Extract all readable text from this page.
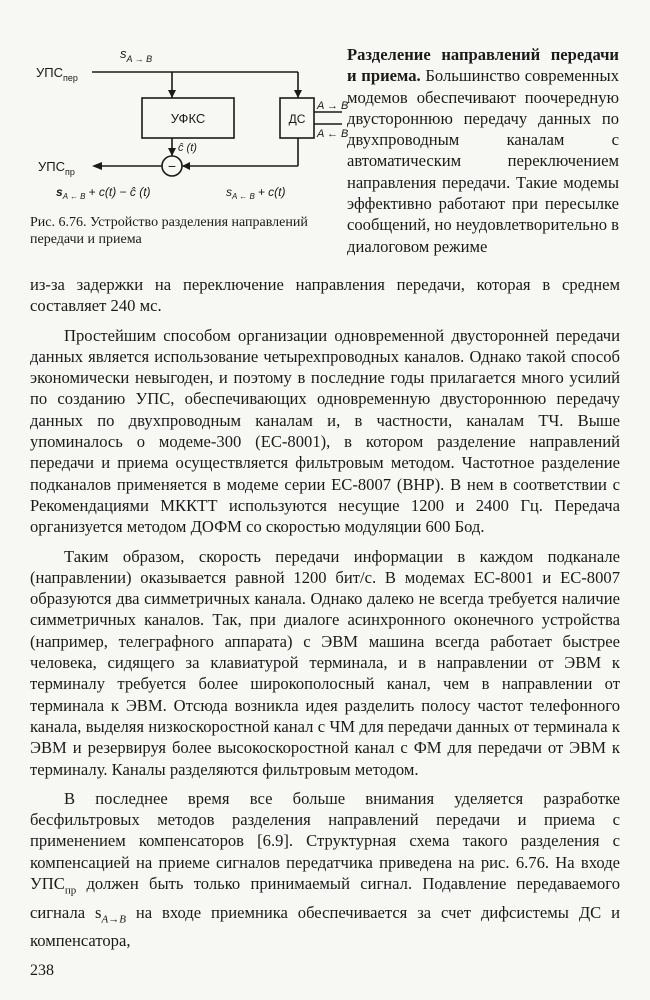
$УПС_{пер}$
$s_{A \to B}$
УФКС	ДС
A → B
A ← B
−
ĉ (t)
$УПС_{пр}$
$s_{A \leftarrow B} + c(t)$ − ĉ (t)	$s_{A \leftarrow B} + c(t)$
Рис. 6.76. Устройство разделения направлений передачи и приема
Разделение направлений передачи и приема. Большинство современных модемов обеспечивают поочередную двустороннюю передачу данных по двухпроводным каналам с автоматическим переключением направления передачи. Такие модемы эффективно работают при пересылке сообщений, но неудовлетворительно в диалоговом режиме

из-за задержки на переключение направления передачи, которая в среднем составляет 240 мс.

Простейшим способом организации одновременной двусторонней передачи данных является использование четырехпроводных каналов. Однако такой способ экономически невыгоден, и поэтому в последние годы прилагается много усилий по созданию УПС, обеспечивающих одновременную двустороннюю передачу данных по двухпроводным каналам и, в частности, каналам ТЧ. Выше упоминалось о модеме-300 (ЕС-8001), в котором разделение направлений передачи и приема осуществляется фильтровым методом. Частотное разделение подканалов применяется в модеме серии ЕС-8007 (ВНР). В нем в соответствии с Рекомендациями МККТТ используются несущие 1200 и 2400 Гц. Передача организуется методом ДОФМ со скоростью модуляции 600 Бод.

Таким образом, скорость передачи информации в каждом подканале (направлении) оказывается равной 1200 бит/с. В модемах ЕС-8001 и ЕС-8007 образуются два симметричных канала. Однако далеко не всегда требуется наличие симметричных каналов. Так, при диалоге асинхронного оконечного устройства (например, телеграфного аппарата) с ЭВМ машина всегда работает быстрее человека, сидящего за клавиатурой терминала, и в направлении от ЭВМ к терминалу требуется более широкополосный канал, чем в направлении от терминала к ЭВМ. Отсюда возникла идея разделить полосу частот телефонного канала, выделяя низкоскоростной канал с ЧМ для передачи данных от терминала к ЭВМ и резервируя более высокоскоростной канал с ФМ для передачи от ЭВМ к терминалу. Каналы разделяются фильтровым методом.

В последнее время все больше внимания уделяется разработке бесфильтровых методов разделения направлений передачи и приема с применением компенсаторов [6.9]. Структурная схема такого разделения с компенсацией на приеме сигналов передатчика приведена на рис. 6.76. На входе $УПС_{пр}$ должен быть только принимаемый сигнал. Подавление передаваемого сигнала $s_{A\to B}$ на входе приемника обеспечивается за счет дифсистемы ДС и компенсатора,

238
